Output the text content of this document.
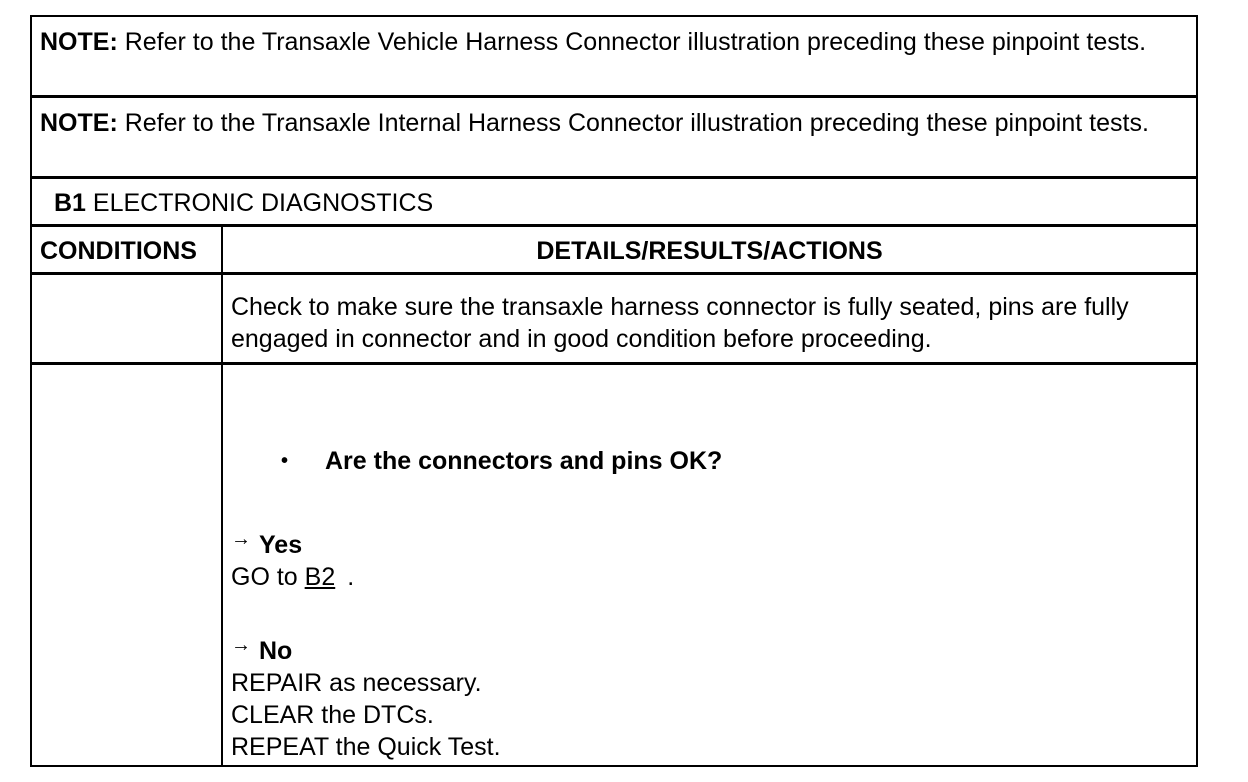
NOTE: Refer to the Transaxle Vehicle Harness Connector illustration preceding these pinpoint tests.
NOTE: Refer to the Transaxle Internal Harness Connector illustration preceding these pinpoint tests.
B1 ELECTRONIC DIAGNOSTICS
CONDITIONS	DETAILS/RESULTS/ACTIONS
Check to make sure the transaxle harness connector is fully seated, pins are fully engaged in connector and in good condition before proceeding.
• Are the connectors and pins OK?
→ Yes
GO to B2 .
→ No
REPAIR as necessary.
CLEAR the DTCs.
REPEAT the Quick Test.
